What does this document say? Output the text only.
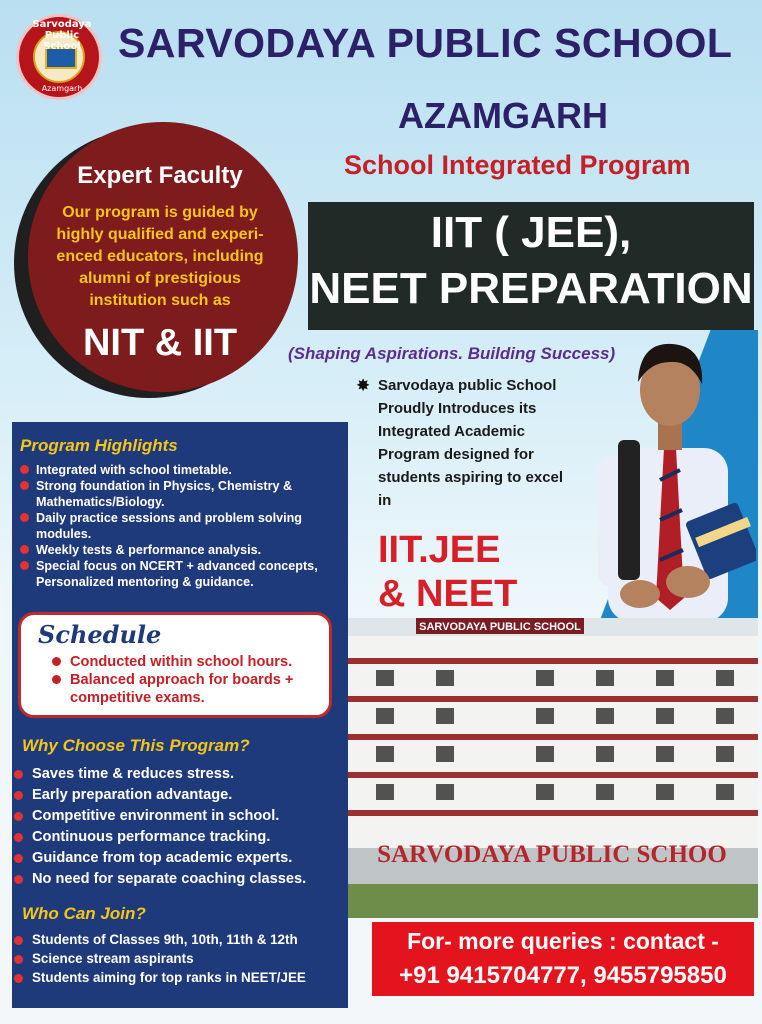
Sarvodaya Public School
Azamgarh
SARVODAYA PUBLIC SCHOOL
AZAMGARH
School Integrated Program
IIT ( JEE),
NEET PREPARATION
(Shaping Aspirations. Building Success)
Expert Faculty
Our program is guided by highly qualified and experi-enced educators, including alumni of prestigious institution such as
NIT & IIT
✸ Sarvodaya public School Proudly Introduces its Integrated Academic Program designed for students aspiring to excel in
IIT.JEE
& NEET
SARVODAYA PUBLIC SCHOOL
SARVODAYA PUBLIC SCHOO
Program Highlights
Integrated with school timetable.
Strong foundation in Physics, Chemistry & Mathematics/Biology.
Daily practice sessions and problem solving modules.
Weekly tests & performance analysis.
Special focus on NCERT + advanced concepts, Personalized mentoring & guidance.
Schedule
Conducted within school hours.
Balanced approach for boards + competitive exams.
Why Choose This Program?
Saves time & reduces stress.
Early preparation advantage.
Competitive environment in school.
Continuous performance tracking.
Guidance from top academic experts.
No need for separate coaching classes.
Who Can Join?
Students of Classes 9th, 10th, 11th & 12th
Science stream aspirants
Students aiming for top ranks in NEET/JEE
For- more queries : contact -
+91 9415704777, 9455795850
